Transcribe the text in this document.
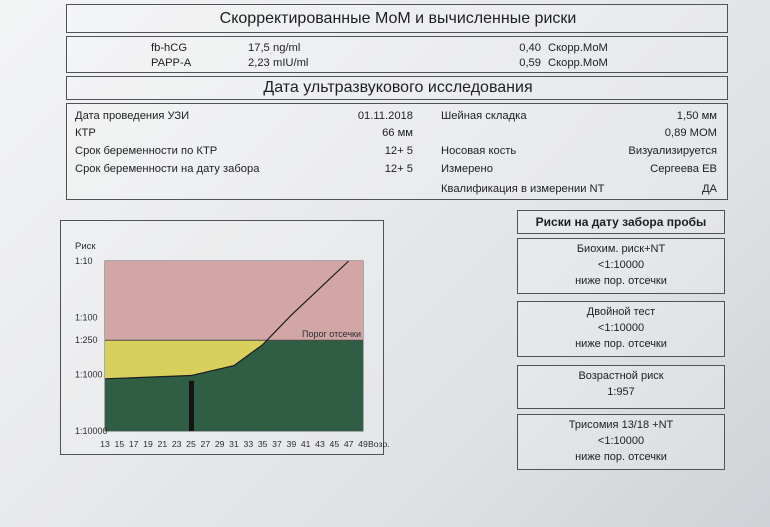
Скорректированные МоМ и вычисленные риски
fb-hCG	17,5 ng/ml	0,40 Скорр.МоМ
PAPP-A	2,23 mIU/ml	0,59 Скорр.МоМ
Дата ультразвукового исследования
Дата проведения УЗИ	01.11.2018
КТР	66 мм
Срок беременности по КТР	12+ 5
Срок беременности на дату забора	12+ 5
Шейная складка	1,50 мм
0,89 МОМ
Носовая кость	Визуализируется
Измерено	Сергеева ЕВ
Квалификация в измерении NT	ДА
Риск
1:10
1:100
1:250
1:1000
1:10000
13 15 17 19 21 23 25 27 29 31 33 35 37 39 41 43 45 47 49 Возр.
Порог отсечки
Риски на дату забора пробы
Биохим. риск+NT
<1:10000
ниже пор. отсечки
Двойной тест
<1:10000
ниже пор. отсечки
Возрастной риск
1:957
Трисомия 13/18 +NT
<1:10000
ниже пор. отсечки
